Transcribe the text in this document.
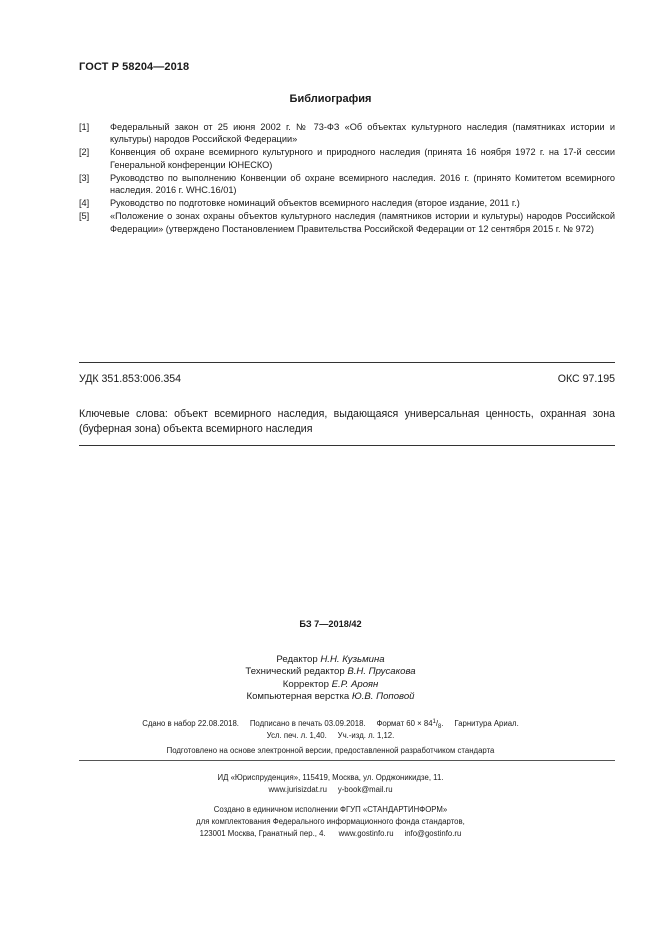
ГОСТ Р 58204—2018
Библиография
[1]	Федеральный закон от 25 июня 2002 г. № 73-ФЗ «Об объектах культурного наследия (памятниках истории и культуры) народов Российской Федерации»
[2]	Конвенция об охране всемирного культурного и природного наследия (принята 16 ноября 1972 г. на 17-й сессии Генеральной конференции ЮНЕСКО)
[3]	Руководство по выполнению Конвенции об охране всемирного наследия. 2016 г. (принято Комитетом всемирного наследия. 2016 г. WHC.16/01)
[4]	Руководство по подготовке номинаций объектов всемирного наследия (второе издание, 2011 г.)
[5]	«Положение о зонах охраны объектов культурного наследия (памятников истории и культуры) народов Российской Федерации» (утверждено Постановлением Правительства Российской Федерации от 12 сентября 2015 г. № 972)
УДК 351.853:006.354	ОКС 97.195
Ключевые слова: объект всемирного наследия, выдающаяся универсальная ценность, охранная зона (буферная зона) объекта всемирного наследия
БЗ 7—2018/42
Редактор Н.Н. Кузьмина
Технический редактор В.Н. Прусакова
Корректор Е.Р. Ароян
Компьютерная верстка Ю.В. Поповой
Сдано в набор 22.08.2018. Подписано в печать 03.09.2018. Формат $60 \times 84^1/_8$. Гарнитура Ариал.
Усл. печ. л. 1,40. Уч.-изд. л. 1,12.
Подготовлено на основе электронной версии, предоставленной разработчиком стандарта
ИД «Юриспруденция», 115419, Москва, ул. Орджоникидзе, 11.
www.jurisizdat.ru y-book@mail.ru
Создано в единичном исполнении ФГУП «СТАНДАРТИНФОРМ»
для комплектования Федерального информационного фонда стандартов,
123001 Москва, Гранатный пер., 4. www.gostinfo.ru info@gostinfo.ru
